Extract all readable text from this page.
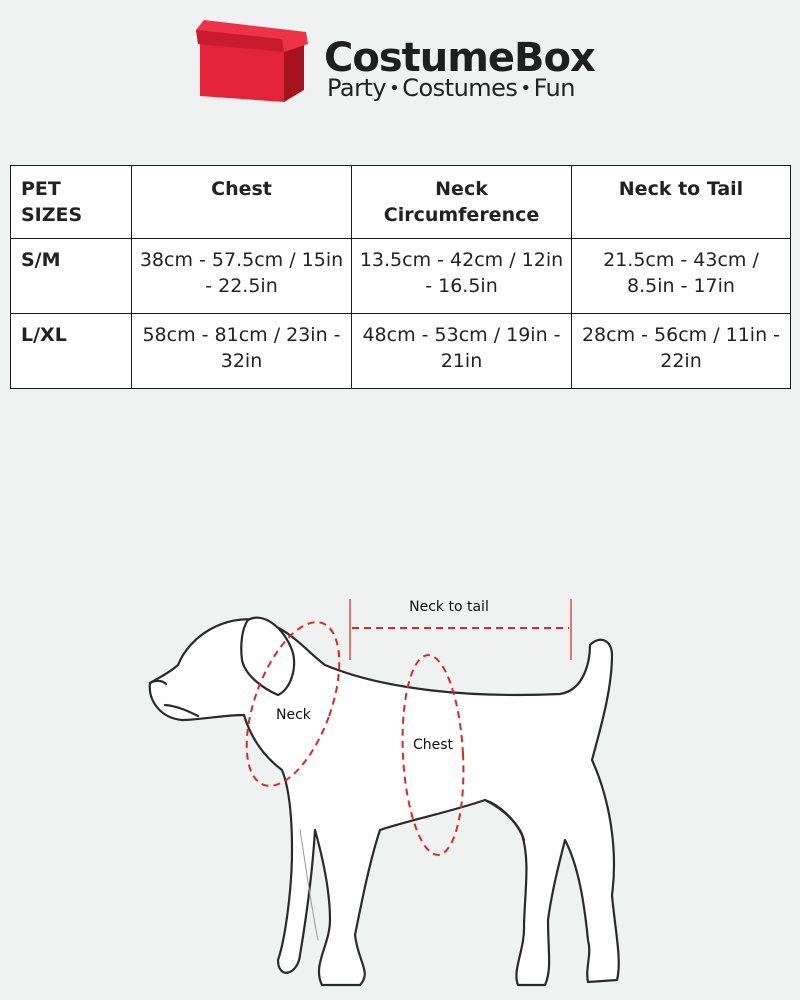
CostumeBox
Party • Costumes • Fun
PET SIZES	Chest	Neck Circumference	Neck to Tail
S/M	38cm - 57.5cm / 15in - 22.5in	13.5cm - 42cm / 12in - 16.5in	21.5cm - 43cm / 8.5in - 17in
L/XL	58cm - 81cm / 23in - 32in	48cm - 53cm / 19in - 21in	28cm - 56cm / 11in - 22in
Neck to tail
Neck
Chest
